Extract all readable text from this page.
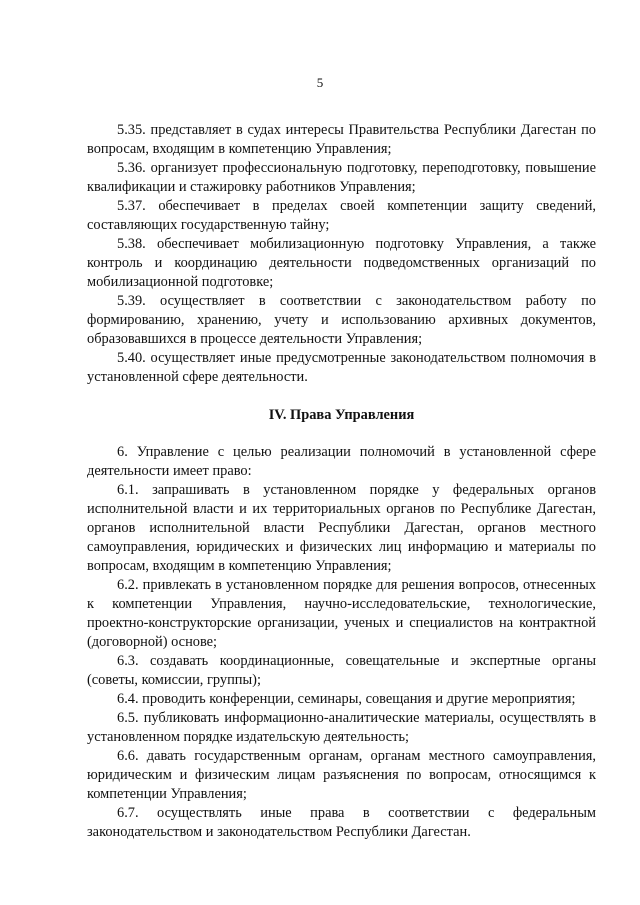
5

5.35. представляет в судах интересы Правительства Республики Дагестан по вопросам, входящим в компетенцию Управления;

5.36. организует профессиональную подготовку, переподготовку, повышение квалификации и стажировку работников Управления;

5.37. обеспечивает в пределах своей компетенции защиту сведений, составляющих государственную тайну;

5.38. обеспечивает мобилизационную подготовку Управления, а также контроль и координацию деятельности подведомственных организаций по мобилизационной подготовке;

5.39. осуществляет в соответствии с законодательством работу по формированию, хранению, учету и использованию архивных документов, образовавшихся в процессе деятельности Управления;

5.40. осуществляет иные предусмотренные законодательством полномочия в установленной сфере деятельности.

IV. Права Управления

6. Управление с целью реализации полномочий в установленной сфере деятельности имеет право:

6.1. запрашивать в установленном порядке у федеральных органов исполнительной власти и их территориальных органов по Республике Дагестан, органов исполнительной власти Республики Дагестан, органов местного самоуправления, юридических и физических лиц информацию и материалы по вопросам, входящим в компетенцию Управления;

6.2. привлекать в установленном порядке для решения вопросов, отнесенных к компетенции Управления, научно-исследовательские, технологические, проектно-конструкторские организации, ученых и специалистов на контрактной (договорной) основе;

6.3. создавать координационные, совещательные и экспертные органы (советы, комиссии, группы);

6.4. проводить конференции, семинары, совещания и другие мероприятия;

6.5. публиковать информационно-аналитические материалы, осуществлять в установленном порядке издательскую деятельность;

6.6. давать государственным органам, органам местного самоуправления, юридическим и физическим лицам разъяснения по вопросам, относящимся к компетенции Управления;

6.7. осуществлять иные права в соответствии с федеральным законодательством и законодательством Республики Дагестан.
